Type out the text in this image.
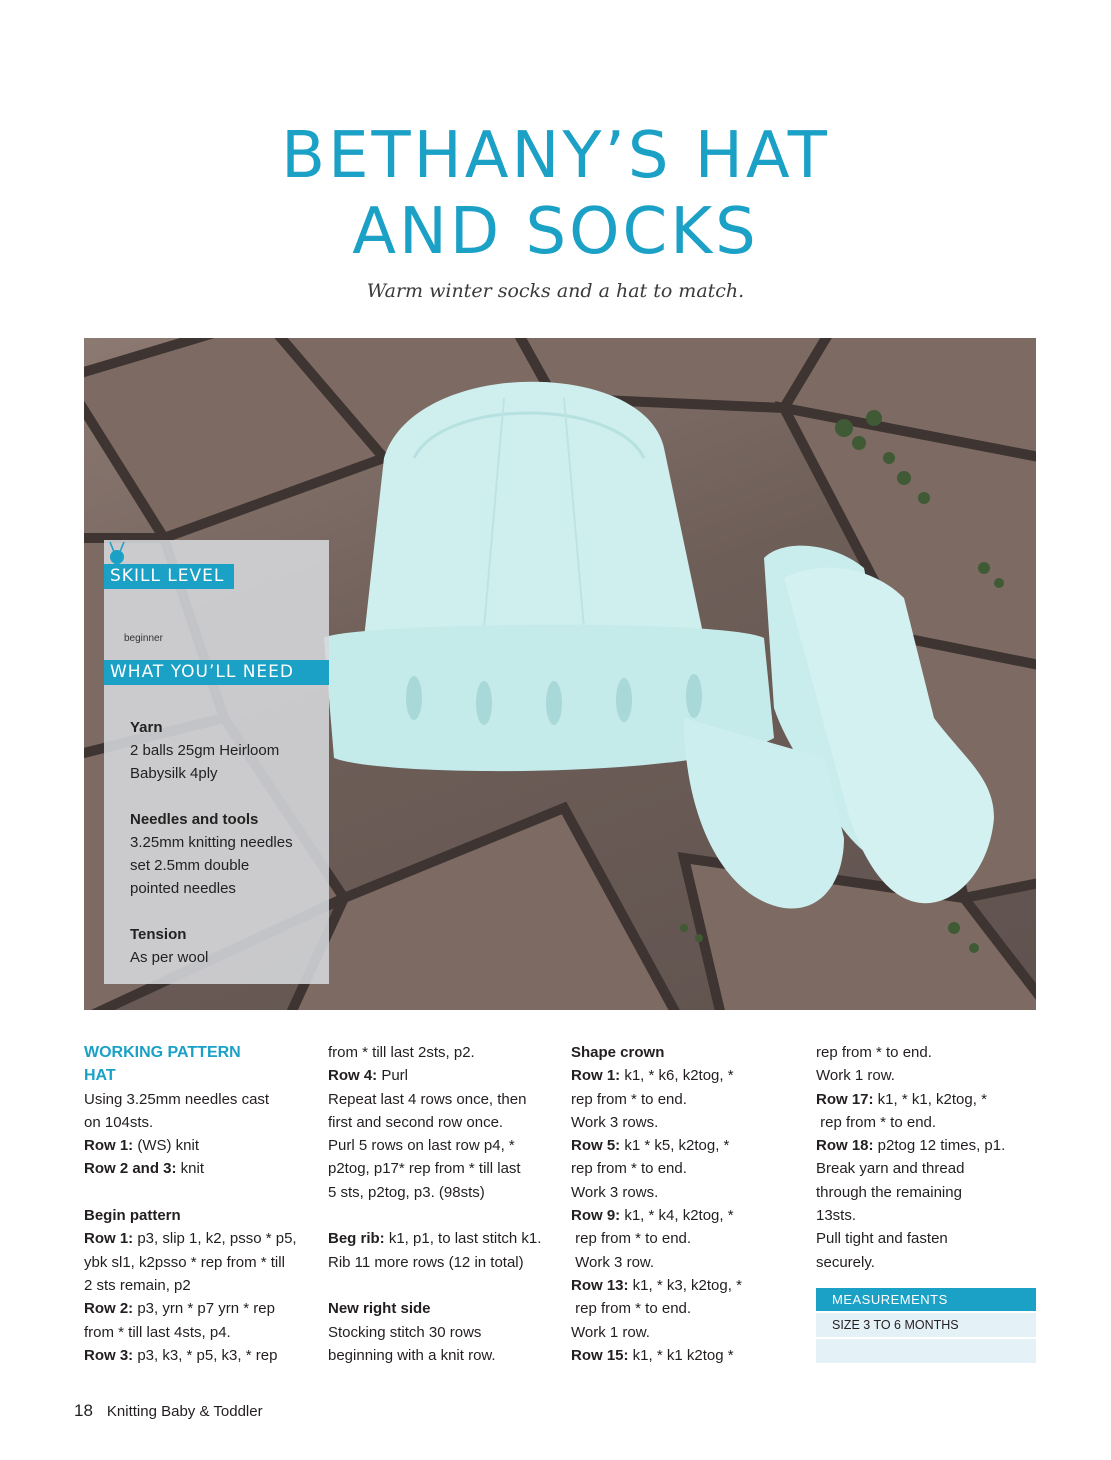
BETHANY’S HAT
AND SOCKS
Warm winter socks and a hat to match.
SKILL LEVEL
beginner
WHAT YOU’LL NEED
Yarn
2 balls 25gm Heirloom
Babysilk 4ply
Needles and tools
3.25mm knitting needles
set 2.5mm double
pointed needles
Tension
As per wool

WORKING PATTERN

HAT

Using 3.25mm needles cast

on 104sts.

Row 1: (WS) knit

Row 2 and 3: knit

Begin pattern

Row 1: p3, slip 1, k2, psso * p5,

ybk sl1, k2psso * rep from * till

2 sts remain, p2

Row 2: p3, yrn * p7 yrn * rep

from * till last 4sts, p4.

Row 3: p3, k3, * p5, k3, * rep

from * till last 2sts, p2.

Row 4: Purl

Repeat last 4 rows once, then

first and second row once.

Purl 5 rows on last row p4, *

p2tog, p17* rep from * till last

5 sts, p2tog, p3. (98sts)

Beg rib: k1, p1, to last stitch k1.

Rib 11 more rows (12 in total)

New right side

Stocking stitch 30 rows

beginning with a knit row.

Shape crown

Row 1: k1, * k6, k2tog, *

rep from * to end.

Work 3 rows.

Row 5: k1 * k5, k2tog, *

rep from * to end.

Work 3 rows.

Row 9: k1, * k4, k2tog, *

rep from * to end.

Work 3 row.

Row 13: k1, * k3, k2tog, *

rep from * to end.

Work 1 row.

Row 15: k1, * k1 k2tog *

rep from * to end.

Work 1 row.

Row 17: k1, * k1, k2tog, *

rep from * to end.

Row 18: p2tog 12 times, p1.

Break yarn and thread

through the remaining

13sts.

Pull tight and fasten

securely.

MEASUREMENTS
SIZE 3 TO 6 MONTHS
18 Knitting Baby & Toddler
